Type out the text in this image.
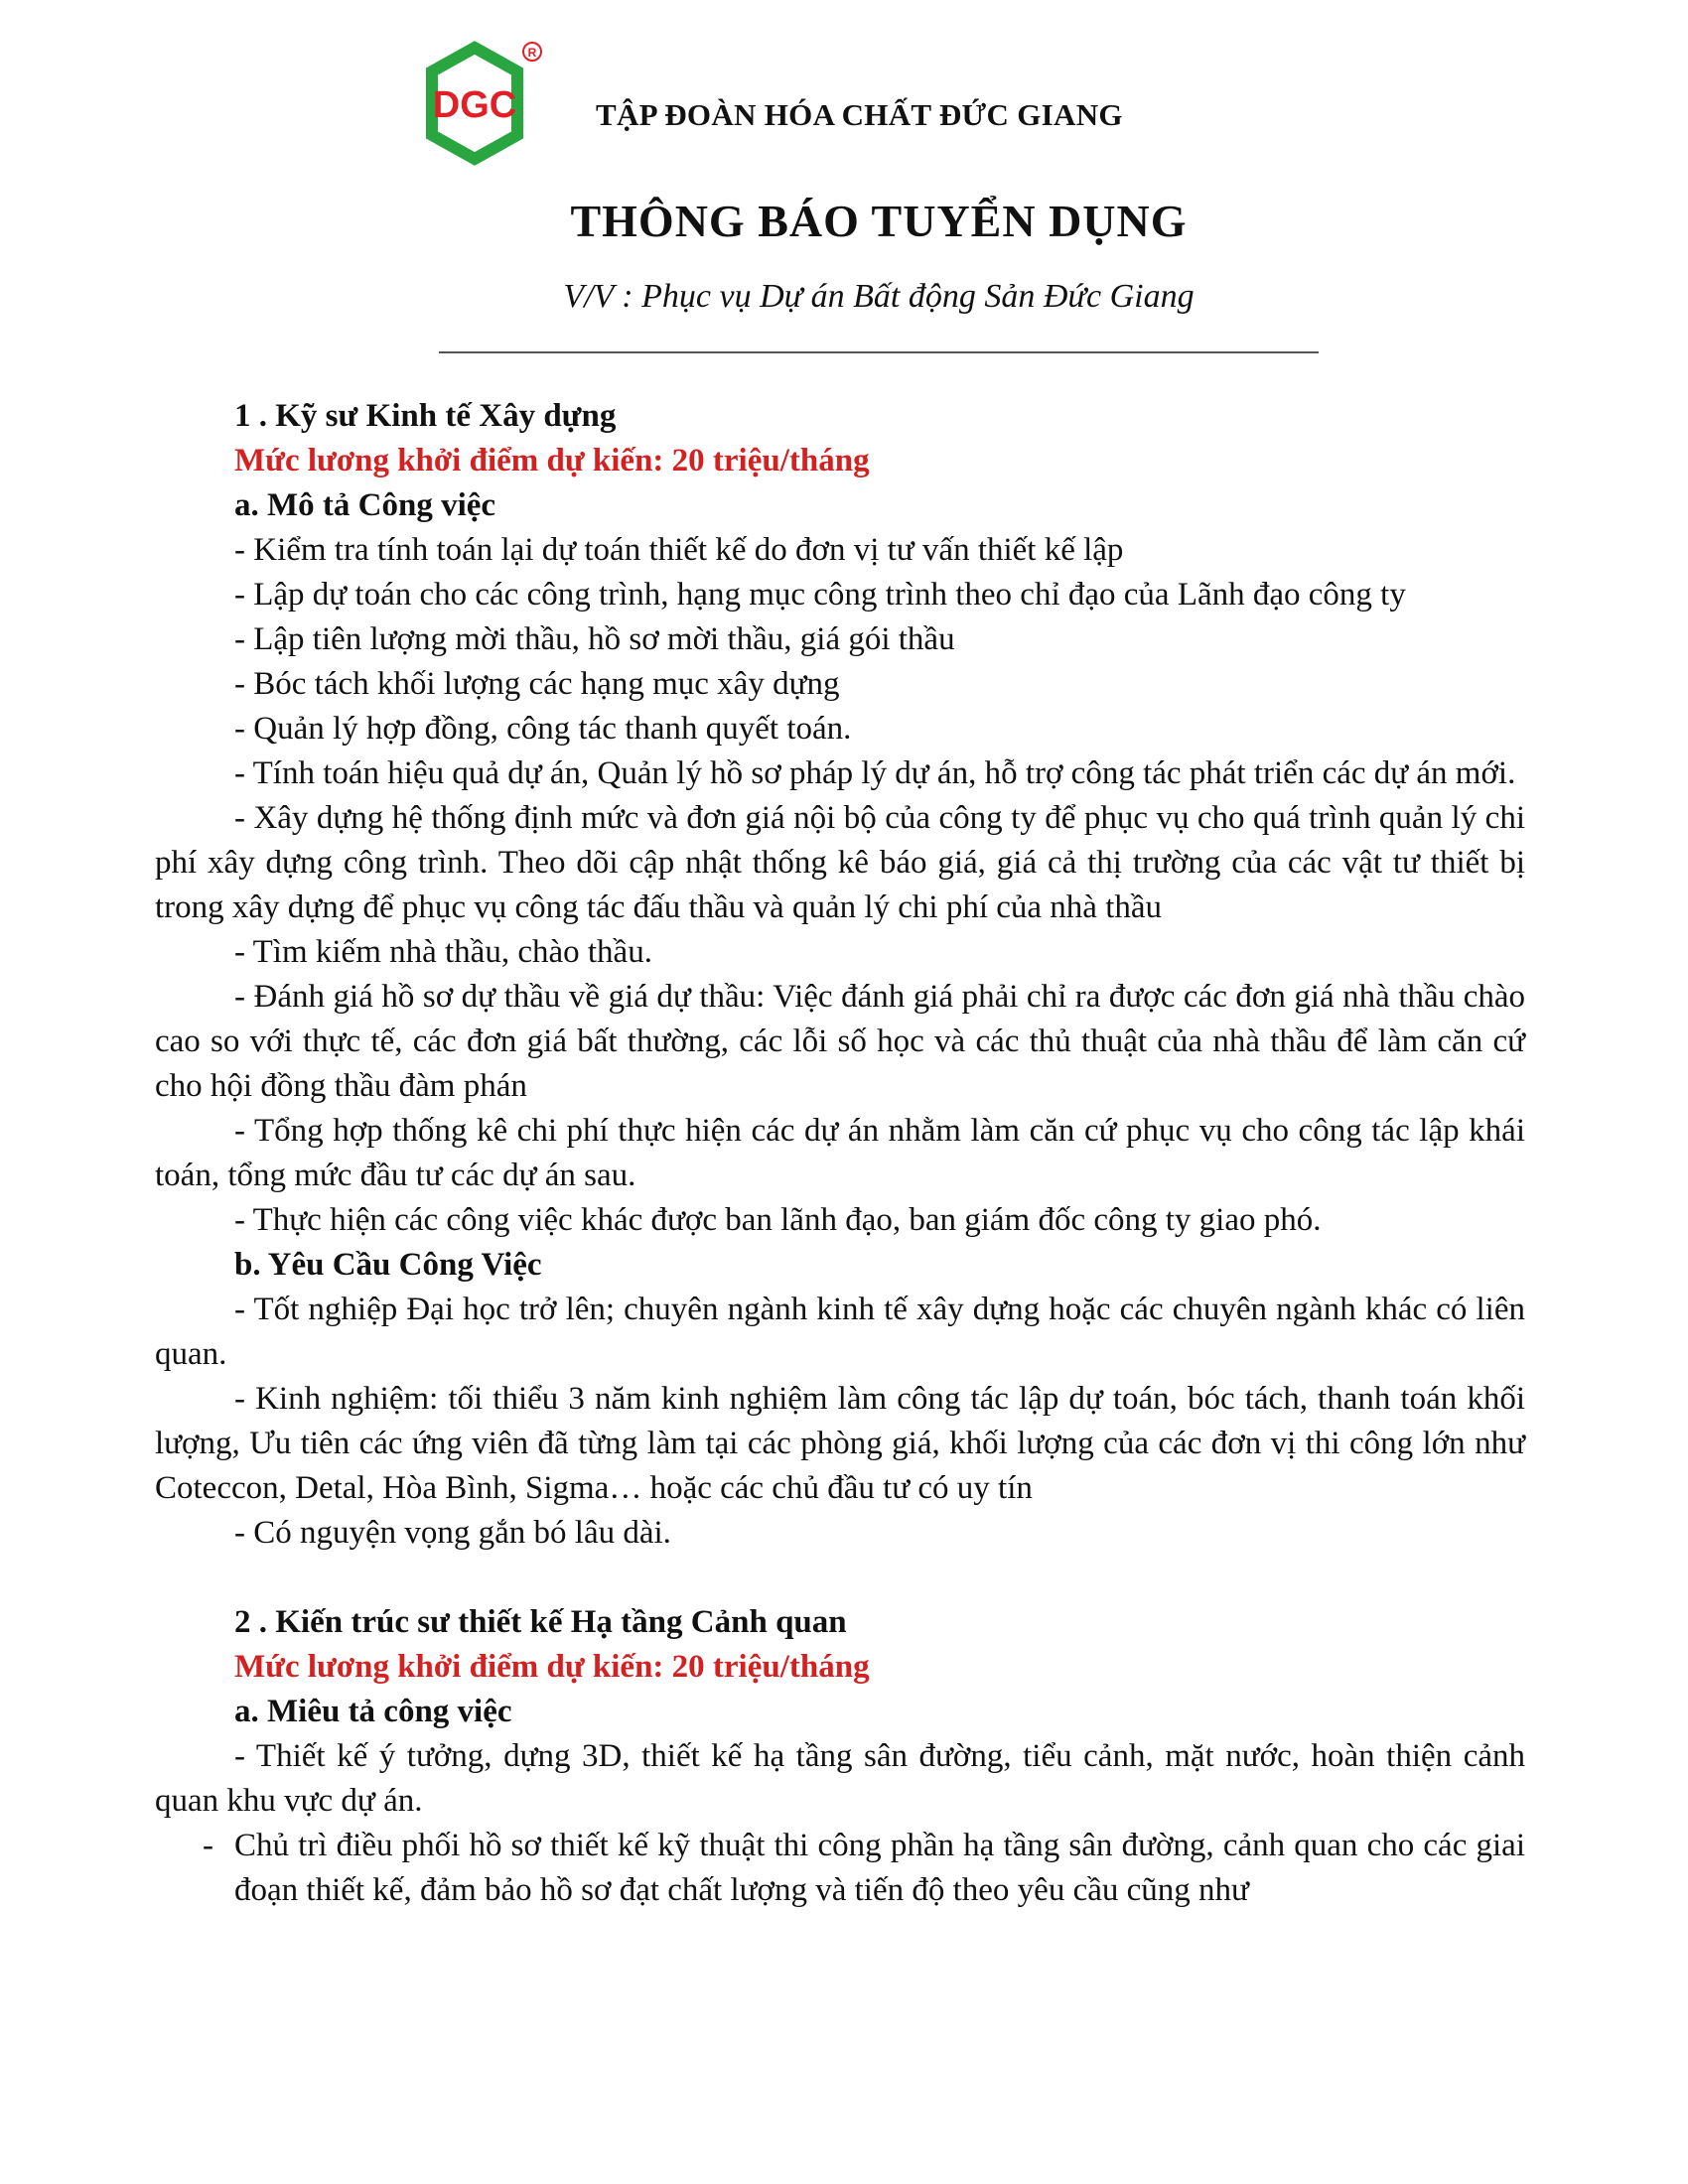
DGC
R
TẬP ĐOÀN HÓA CHẤT ĐỨC GIANG
THÔNG BÁO TUYỂN DỤNG
V/V : Phục vụ Dự án Bất động Sản Đức Giang

1 . Kỹ sư Kinh tế Xây dựng

Mức lương khởi điểm dự kiến: 20 triệu/tháng

a. Mô tả Công việc

- Kiểm tra tính toán lại dự toán thiết kế do đơn vị tư vấn thiết kế lập

- Lập dự toán cho các công trình, hạng mục công trình theo chỉ đạo của Lãnh đạo công ty

- Lập tiên lượng mời thầu, hồ sơ mời thầu, giá gói thầu

- Bóc tách khối lượng các hạng mục xây dựng

- Quản lý hợp đồng, công tác thanh quyết toán.

- Tính toán hiệu quả dự án, Quản lý hồ sơ pháp lý dự án, hỗ trợ công tác phát triển các dự án mới.

- Xây dựng hệ thống định mức và đơn giá nội bộ của công ty để phục vụ cho quá trình quản lý chi phí xây dựng công trình. Theo dõi cập nhật thống kê báo giá, giá cả thị trường của các vật tư thiết bị trong xây dựng để phục vụ công tác đấu thầu và quản lý chi phí của nhà thầu

- Tìm kiếm nhà thầu, chào thầu.

- Đánh giá hồ sơ dự thầu về giá dự thầu: Việc đánh giá phải chỉ ra được các đơn giá nhà thầu chào cao so với thực tế, các đơn giá bất thường, các lỗi số học và các thủ thuật của nhà thầu để làm căn cứ cho hội đồng thầu đàm phán

- Tổng hợp thống kê chi phí thực hiện các dự án nhằm làm căn cứ phục vụ cho công tác lập khái toán, tổng mức đầu tư các dự án sau.

- Thực hiện các công việc khác được ban lãnh đạo, ban giám đốc công ty giao phó.

b. Yêu Cầu Công Việc

- Tốt nghiệp Đại học trở lên; chuyên ngành kinh tế xây dựng hoặc các chuyên ngành khác có liên quan.

- Kinh nghiệm: tối thiểu 3 năm kinh nghiệm làm công tác lập dự toán, bóc tách, thanh toán khối lượng, Ưu tiên các ứng viên đã từng làm tại các phòng giá, khối lượng của các đơn vị thi công lớn như Coteccon, Detal, Hòa Bình, Sigma… hoặc các chủ đầu tư có uy tín

- Có nguyện vọng gắn bó lâu dài.

2 . Kiến trúc sư thiết kế Hạ tầng Cảnh quan

Mức lương khởi điểm dự kiến: 20 triệu/tháng

a. Miêu tả công việc

- Thiết kế ý tưởng, dựng 3D, thiết kế hạ tầng sân đường, tiểu cảnh, mặt nước, hoàn thiện cảnh quan khu vực dự án.

- Chủ trì điều phối hồ sơ thiết kế kỹ thuật thi công phần hạ tầng sân đường, cảnh quan cho các giai đoạn thiết kế, đảm bảo hồ sơ đạt chất lượng và tiến độ theo yêu cầu cũng như
